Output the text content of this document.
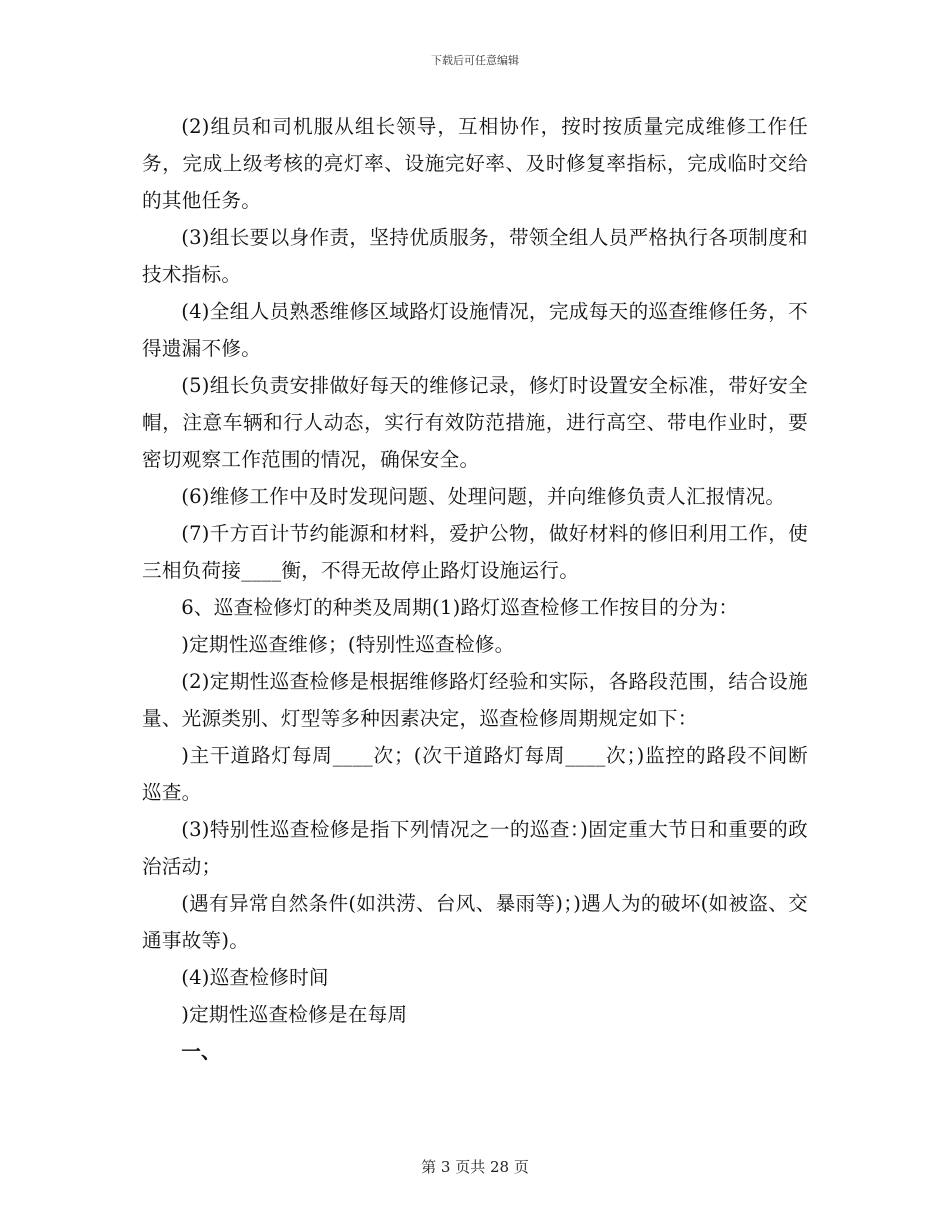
下载后可任意编辑

(2)组员和司机服从组长领导，互相协作，按时按质量完成维修工作任务，完成上级考核的亮灯率、设施完好率、及时修复率指标，完成临时交给的其他任务。

(3)组长要以身作责，坚持优质服务，带领全组人员严格执行各项制度和技术指标。

(4)全组人员熟悉维修区域路灯设施情况，完成每天的巡查维修任务，不得遗漏不修。

(5)组长负责安排做好每天的维修记录，修灯时设置安全标准，带好安全帽，注意车辆和行人动态，实行有效防范措施，进行高空、带电作业时，要密切观察工作范围的情况，确保安全。

(6)维修工作中及时发现问题、处理问题，并向维修负责人汇报情况。

(7)千方百计节约能源和材料，爱护公物，做好材料的修旧利用工作，使三相负荷接____衡，不得无故停止路灯设施运行。

6、巡查检修灯的种类及周期(1)路灯巡查检修工作按目的分为：

)定期性巡查维修；(特别性巡查检修。

(2)定期性巡查检修是根据维修路灯经验和实际，各路段范围，结合设施量、光源类别、灯型等多种因素决定，巡查检修周期规定如下：

)主干道路灯每周____次；(次干道路灯每周____次；)监控的路段不间断巡查。

(3)特别性巡查检修是指下列情况之一的巡查：)固定重大节日和重要的政治活动；

(遇有异常自然条件(如洪涝、台风、暴雨等)；)遇人为的破坏(如被盗、交通事故等)。

(4)巡查检修时间

)定期性巡查检修是在每周

一、

第 3 页共 28 页
